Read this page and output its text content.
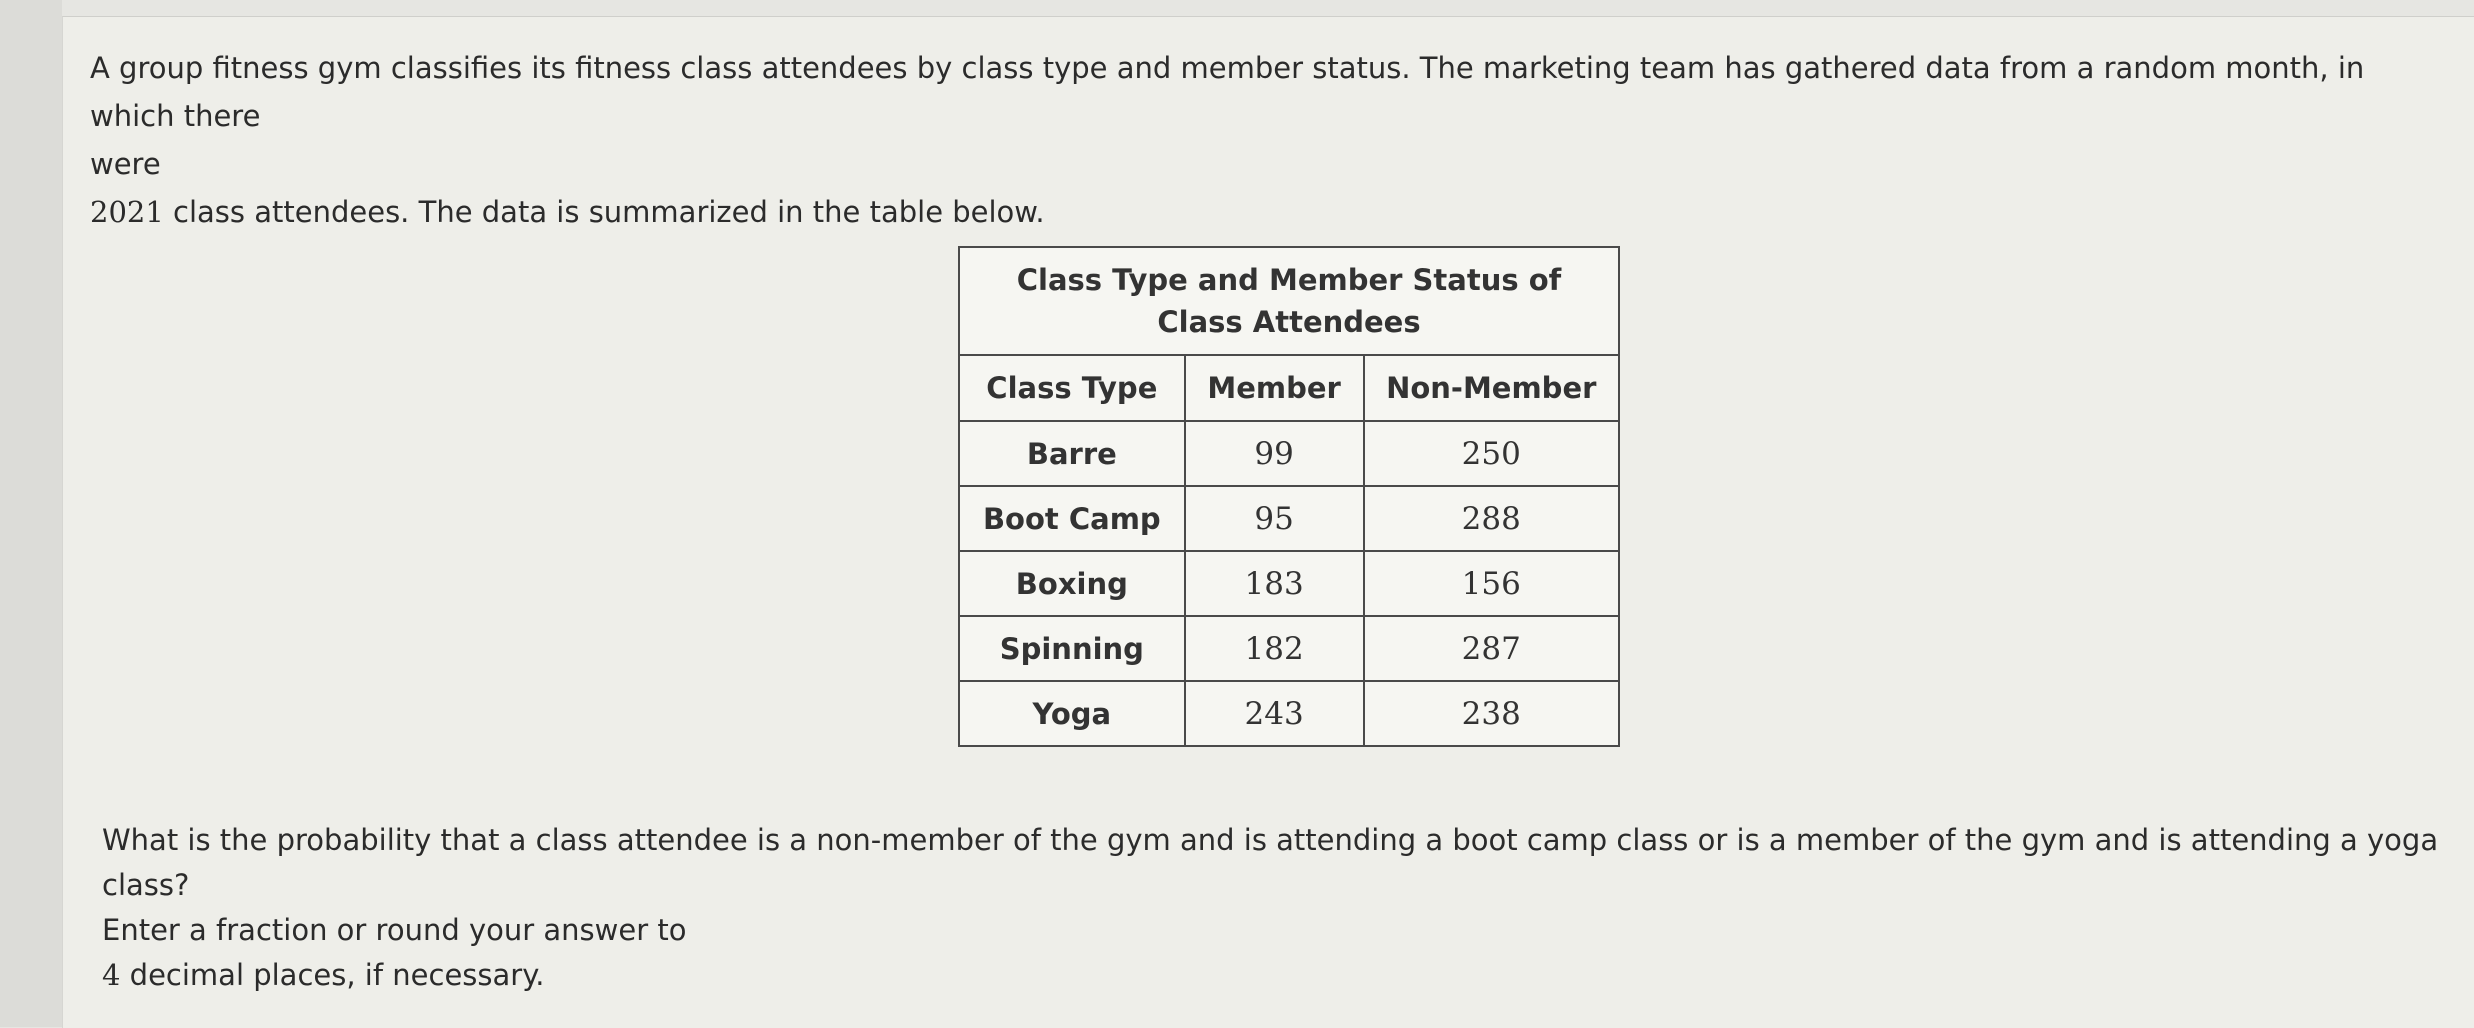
A group fitness gym classifies its fitness class attendees by class type and member status. The marketing team has gathered data from a random month, in which there
were
2021 class attendees. The data is summarized in the table below.
Class Type and Member Status of Class Attendees		
Class Type	Member	Non-Member
Barre	99	250
Boot Camp	95	288
Boxing	183	156
Spinning	182	287
Yoga	243	238
What is the probability that a class attendee is a non-member of the gym and is attending a boot camp class or is a member of the gym and is attending a yoga class?
Enter a fraction or round your answer to
4 decimal places, if necessary.
